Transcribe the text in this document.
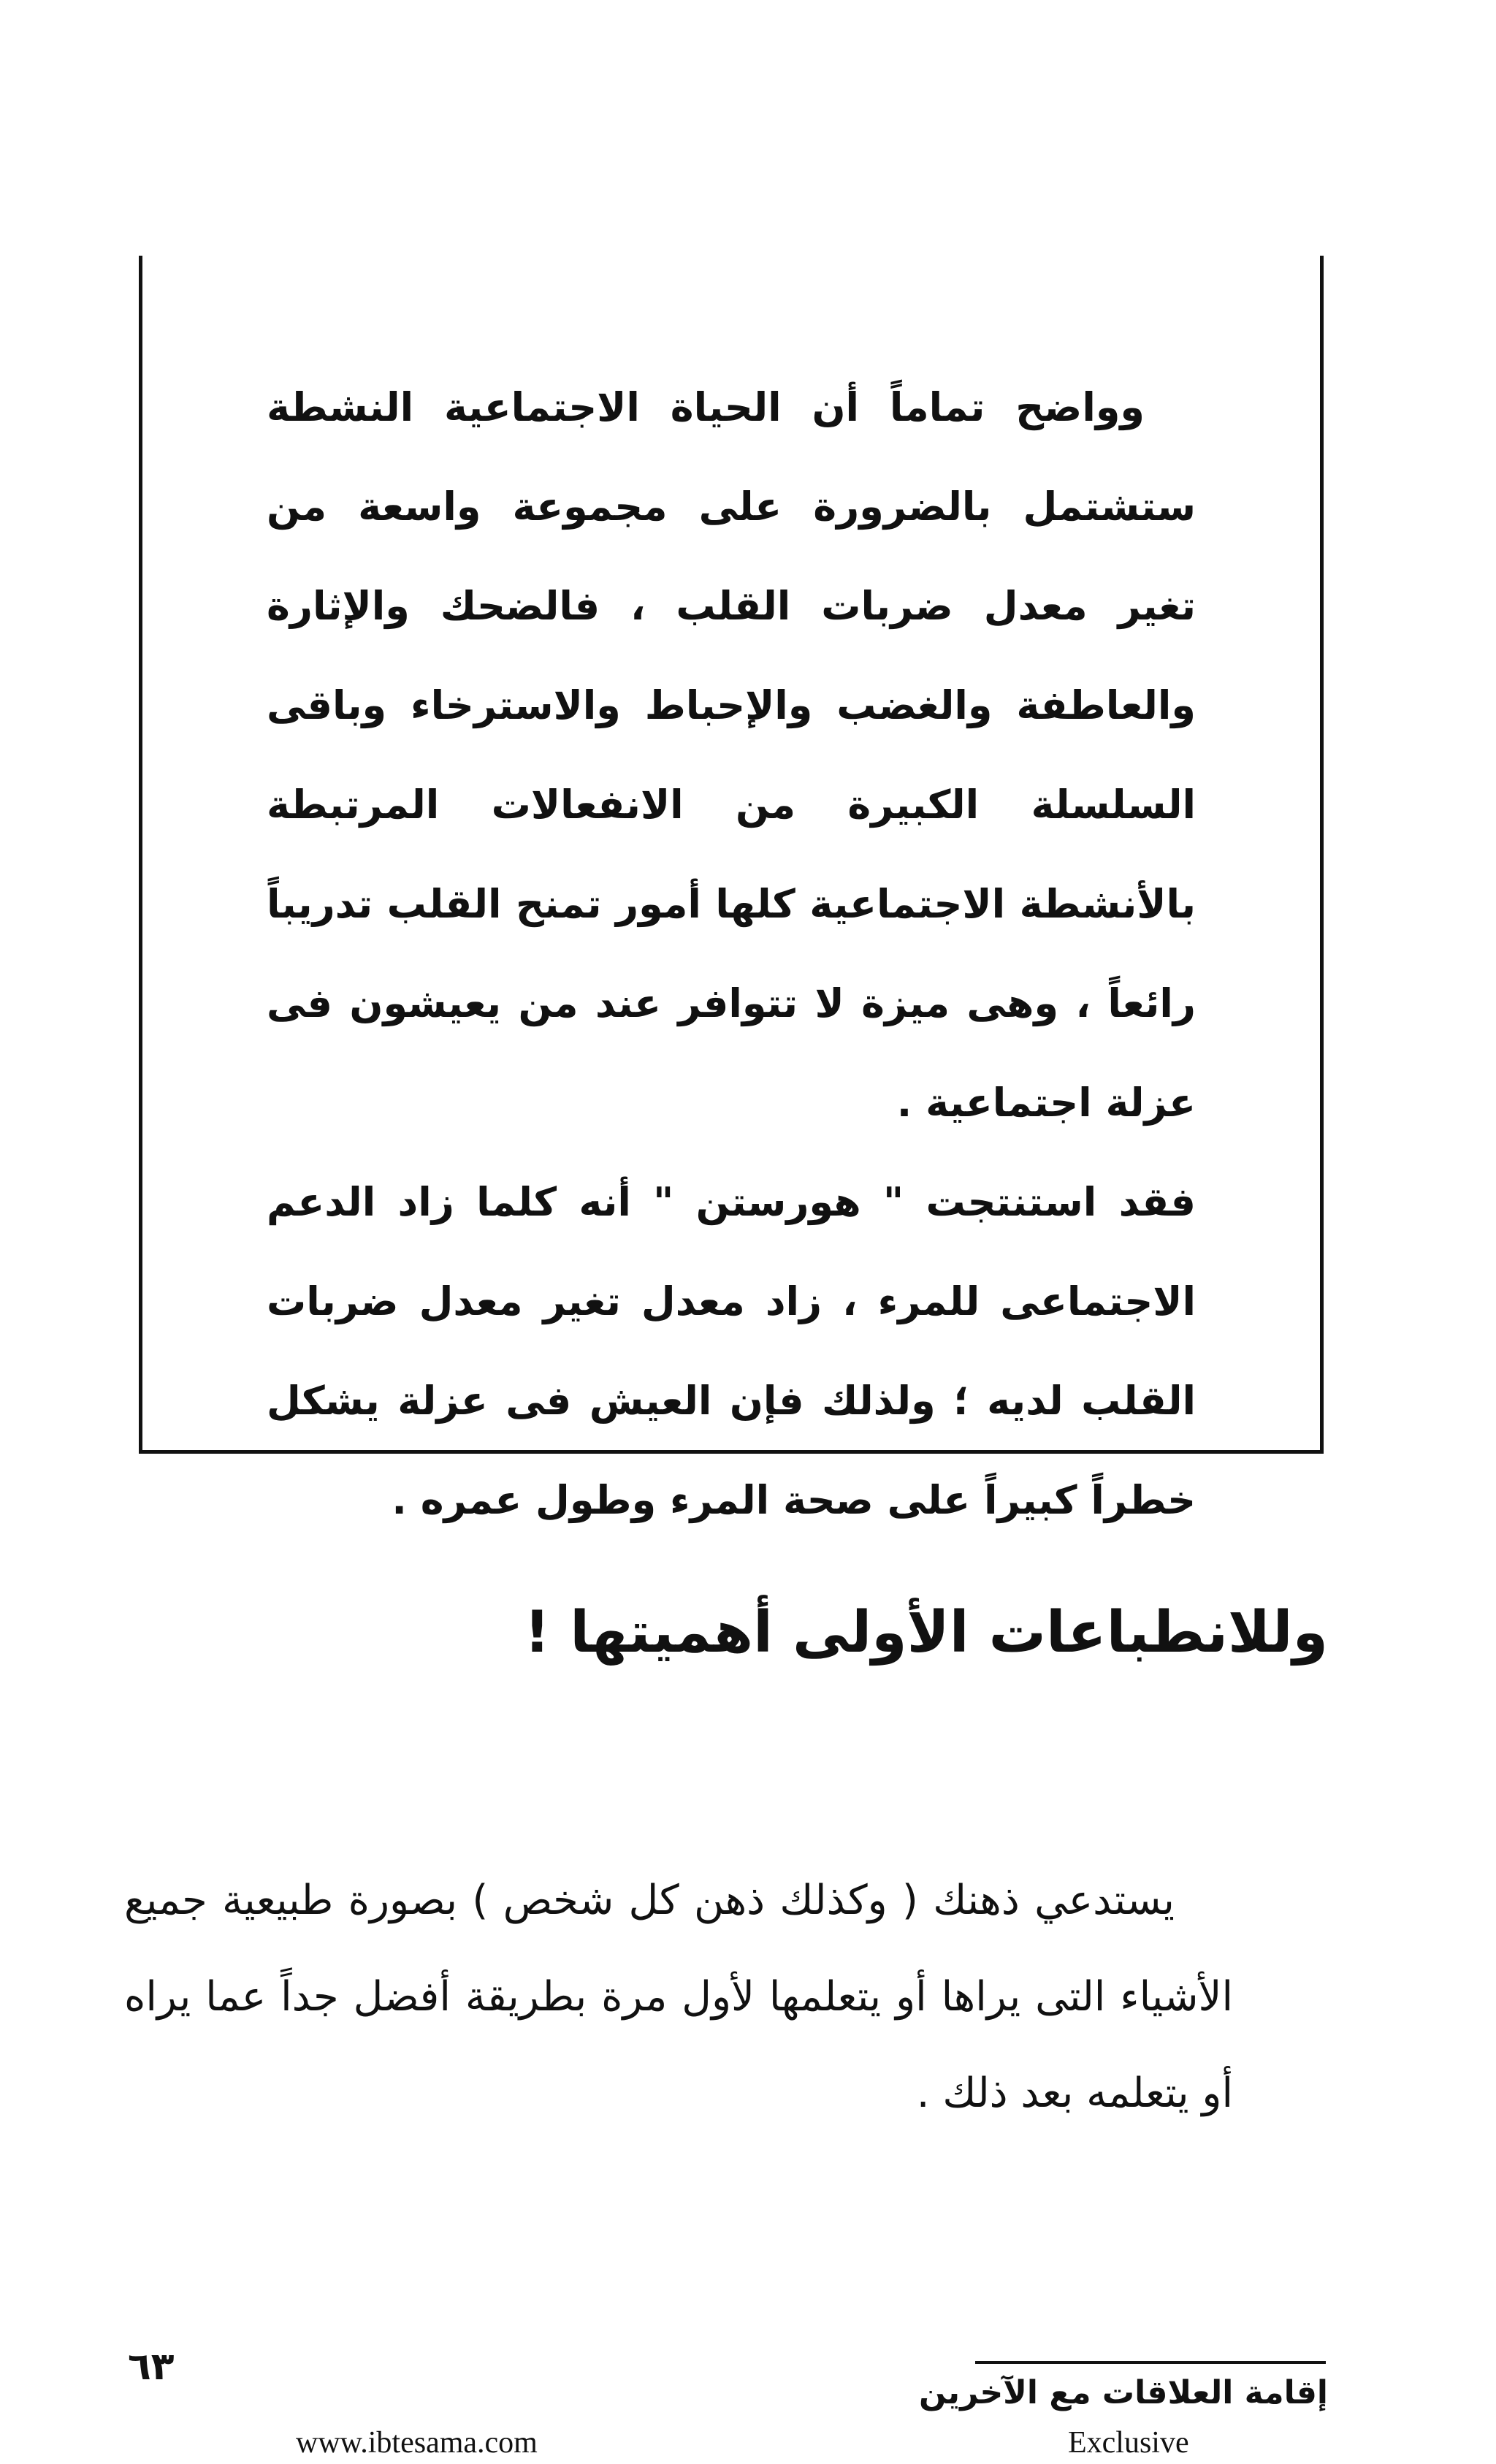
وواضح تماماً أن الحياة الاجتماعية النشطة ستشتمل بالضرورة على مجموعة واسعة من تغير معدل ضربات القلب ، فالضحك والإثارة والعاطفة والغضب والإحباط والاسترخاء وباقى السلسلة الكبيرة من الانفعالات المرتبطة بالأنشطة الاجتماعية كلها أمور تمنح القلب تدريباً رائعاً ، وهى ميزة لا تتوافر عند من يعيشون فى عزلة اجتماعية .

فقد استنتجت " هورستن " أنه كلما زاد الدعم الاجتماعى للمرء ، زاد معدل تغير معدل ضربات القلب لديه ؛ ولذلك فإن العيش فى عزلة يشكل خطراً كبيراً على صحة المرء وطول عمره .

وللانطباعات الأولى أهميتها !

يستدعي ذهنك ( وكذلك ذهن كل شخص ) بصورة طبيعية جميع الأشياء التى يراها أو يتعلمها لأول مرة بطريقة أفضل جداً عما يراه أو يتعلمه بعد ذلك .

٦٣
إقامة العلاقات مع الآخرين
www.ibtesama.com	Exclusive
